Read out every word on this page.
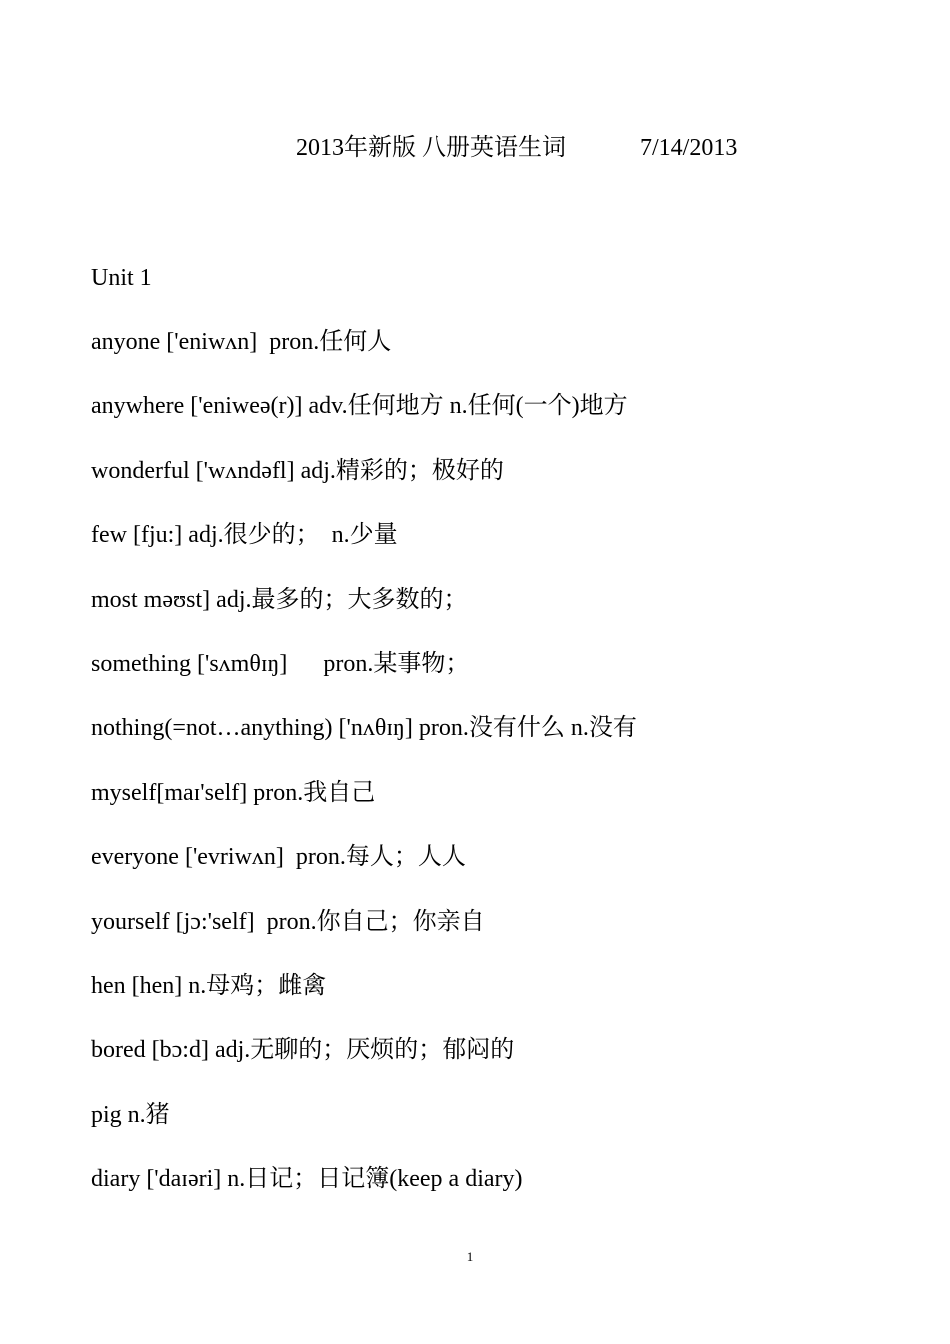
2013年新版 八册英语生词	7/14/2013
Unit 1
anyone ['eniwʌn]  pron.任何人
anywhere ['eniweə(r)] adv.任何地方 n.任何(一个)地方
wonderful ['wʌndəfl] adj.精彩的；极好的
few [fju:] adj.很少的；  n.少量
most məʊst] adj.最多的；大多数的；
something ['sʌmθɪŋ]      pron.某事物；
nothing(=not…anything) ['nʌθɪŋ] pron.没有什么 n.没有
myself[maɪ'self] pron.我自己
everyone ['evriwʌn]  pron.每人；人人
yourself [jɔ:'self]  pron.你自己；你亲自
hen [hen] n.母鸡；雌禽
bored [bɔ:d] adj.无聊的；厌烦的；郁闷的
pig n.猪
diary ['daɪəri] n.日记；日记簿(keep a diary)
1
